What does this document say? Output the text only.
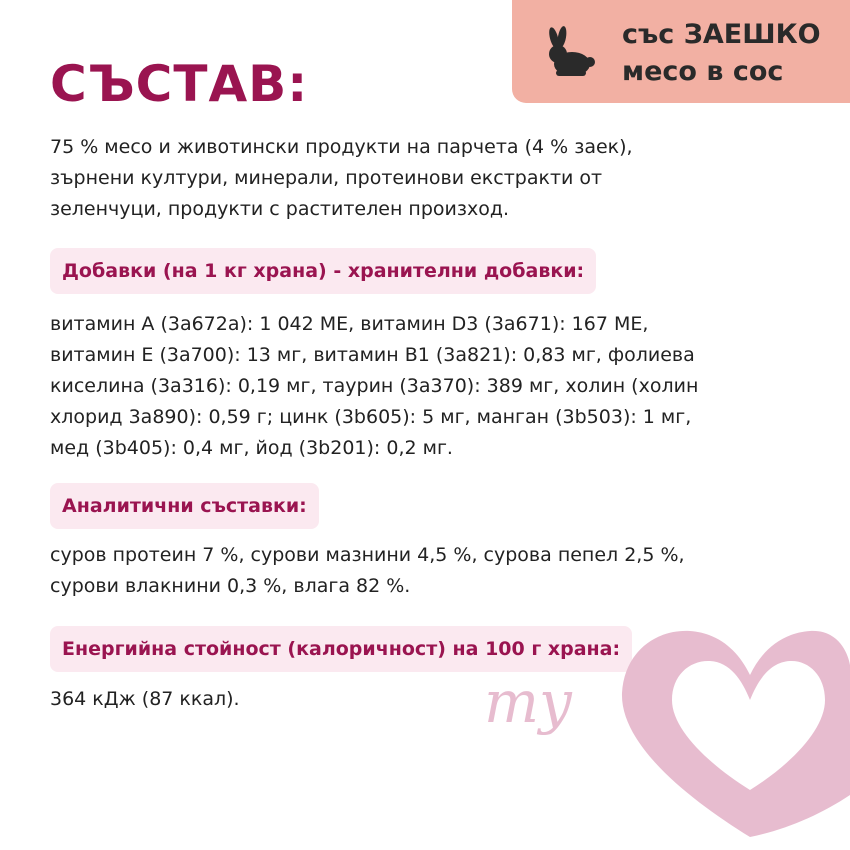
със ЗАЕШКО
месо в сос
СЪСТАВ:

75 % месо и животински продукти на парчета (4 % заек),
зърнени култури, минерали, протеинови екстракти от
зеленчуци, продукти с растителен произход.

Добавки (на 1 кг храна) - хранителни добавки:

витамин A (3a672a): 1 042 МЕ, витамин D3 (3a671): 167 МЕ,
витамин Е (3a700): 13 мг, витамин В1 (3a821): 0,83 мг, фолиева
киселина (3a316): 0,19 мг, таурин (3a370): 389 мг, холин (холин
хлорид 3a890): 0,59 г; цинк (3b605): 5 мг, манган (3b503): 1 мг,
мед (3b405): 0,4 мг, йод (3b201): 0,2 мг.

Аналитични съставки:

суров протеин 7 %, сурови мазнини 4,5 %, сурова пепел 2,5 %,
сурови влакнини 0,3 %, влага 82 %.

Енергийна стойност (калоричност) на 100 г храна:

364 кДж (87 ккал).	my
